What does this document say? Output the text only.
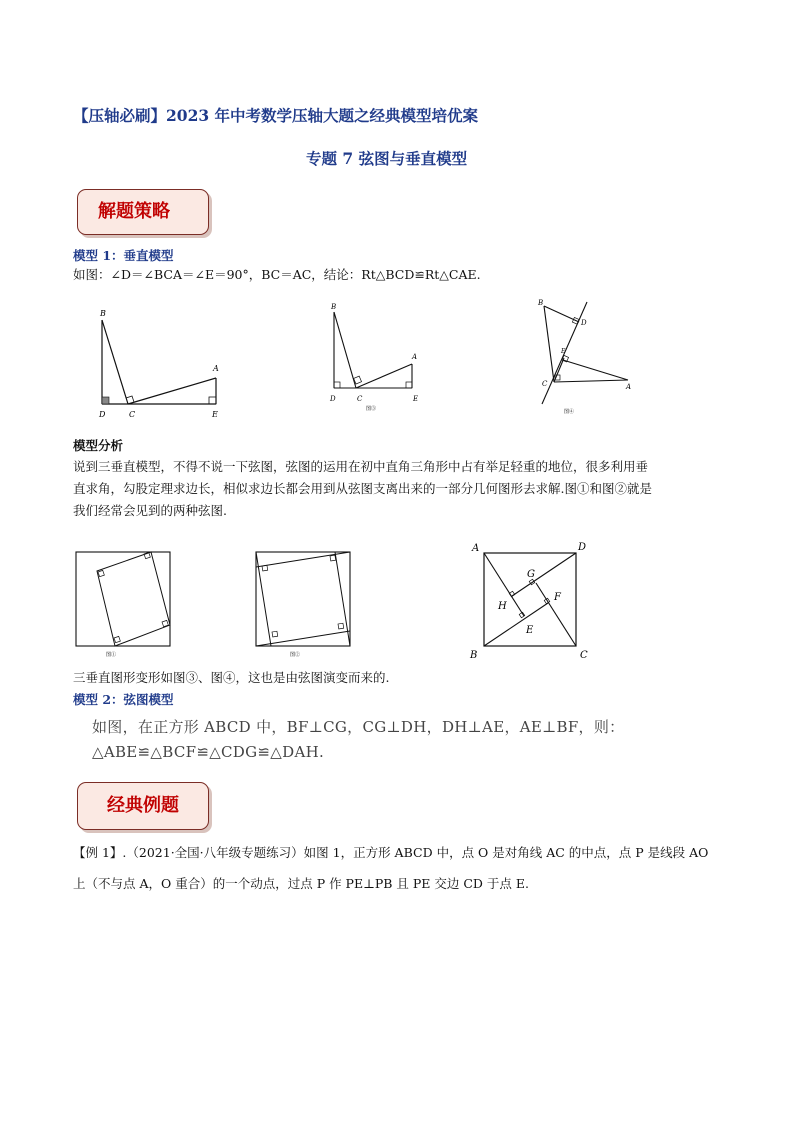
【压轴必刷】2023 年中考数学压轴大题之经典模型培优案
专题 7 弦图与垂直模型
解题策略
模型 1：垂直模型
如图：∠D＝∠BCA＝∠E＝90°，BC＝AC，结论：Rt△BCD≌Rt△CAE.
B
A
D	C	E
B
A
D	C	E
图③
B
D
E
C	A
图④
模型分析
说到三垂直模型，不得不说一下弦图，弦图的运用在初中直角三角形中占有举足轻重的地位，很多利用垂
直求角，勾股定理求边长，相似求边长都会用到从弦图支离出来的一部分几何图形去求解.图①和图②就是
我们经常会见到的两种弦图.
图①	图②
A	D
B	C
G
H
F
E
三垂直图形变形如图③、图④，这也是由弦图演变而来的.
模型 2：弦图模型
如图，在正方形 ABCD 中，BF⊥CG，CG⊥DH，DH⊥AE，AE⊥BF，则：
△ABE≌△BCF≌△CDG≌△DAH.
经典例题
【例 1】.（2021·全国·八年级专题练习）如图 1，正方形 ABCD 中，点 O 是对角线 AC 的中点，点 P 是线段 AO
上（不与点 A，O 重合）的一个动点，过点 P 作 PE⊥PB 且 PE 交边 CD 于点 E.
